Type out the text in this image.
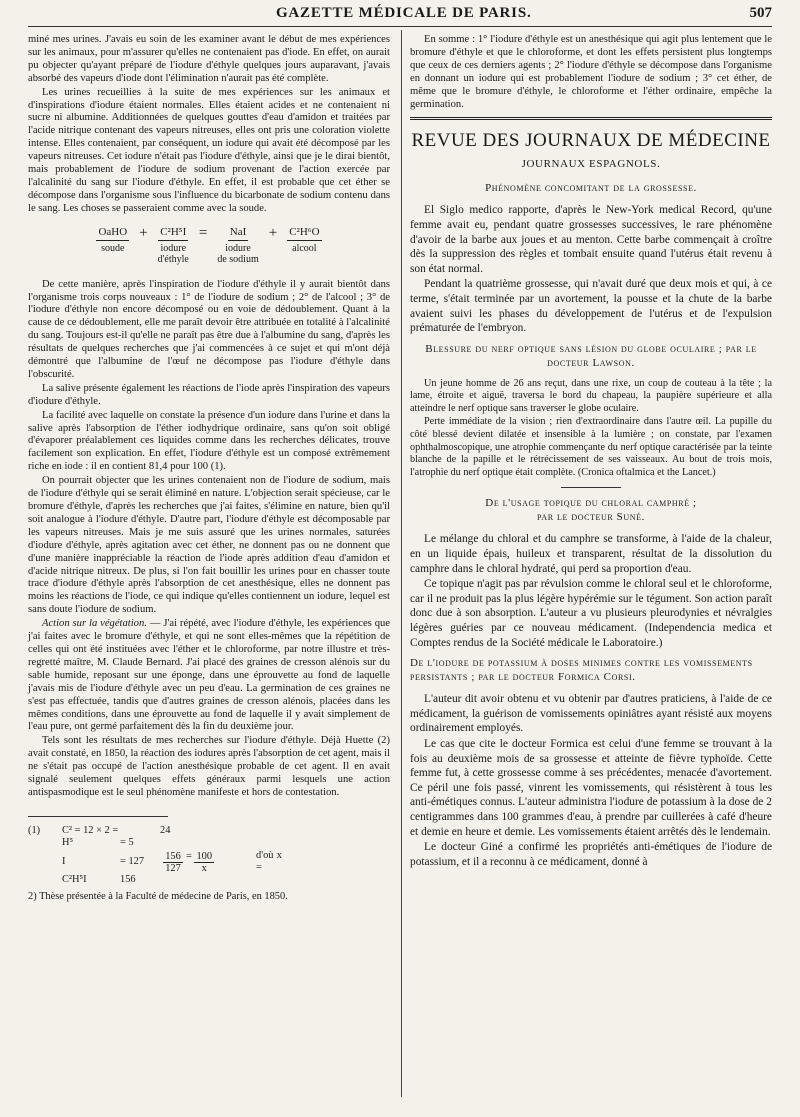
GAZETTE MÉDICALE DE PARIS.	507

miné mes urines. J'avais eu soin de les examiner avant le début de mes expériences sur les animaux, pour m'assurer qu'elles ne contenaient pas d'iode. En effet, on aurait pu objecter qu'ayant préparé de l'iodure d'éthyle quelques jours auparavant, j'avais absorbé des vapeurs d'iode dont l'élimination n'aurait pas été complète.

Les urines recueillies à la suite de mes expériences sur les animaux et d'inspirations d'iodure étaient normales. Elles étaient acides et ne contenaient ni sucre ni albumine. Additionnées de quelques gouttes d'eau d'amidon et traitées par l'acide nitrique contenant des vapeurs nitreuses, elles ont pris une coloration violette intense. Elles contenaient, par conséquent, un iodure qui avait été décomposé par les vapeurs nitreuses. Cet iodure n'était pas l'iodure d'éthyle, ainsi que je le dirai bientôt, mais probablement de l'iodure de sodium provenant de l'action exercée par l'alcalinité du sang sur l'iodure d'éthyle. En effet, il est probable que cet éther se décompose dans l'organisme sous l'influence du bicarbonate de sodium contenu dans le sang. Les choses se passeraient comme avec la soude.

OaHO
soude
+ C²H⁵I
iodure
d'éthyle
= NaI
iodure
de sodium
+ C²H⁶O
alcool

De cette manière, après l'inspiration de l'iodure d'éthyle il y aurait bientôt dans l'organisme trois corps nouveaux : 1° de l'iodure de sodium ; 2° de l'alcool ; 3° de l'iodure d'éthyle non encore décomposé ou en voie de dédoublement. Quant à la cause de ce dédoublement, elle me paraît devoir être attribuée en totalité à l'alcalinité du sang. Toujours est-il qu'elle ne paraît pas être due à l'albumine du sang, d'après les résultats de quelques recherches que j'ai commencées à ce sujet et qui m'ont déjà démontré que l'albumine de l'œuf ne décompose pas l'iodure d'éthyle dans l'obscurité.

La salive présente également les réactions de l'iode après l'inspiration des vapeurs d'iodure d'éthyle.

La facilité avec laquelle on constate la présence d'un iodure dans l'urine et dans la salive après l'absorption de l'éther iodhydrique ordinaire, sans qu'on soit obligé d'évaporer préalablement ces liquides comme dans les recherches délicates, trouve facilement son explication. En effet, l'iodure d'éthyle est un composé extrêmement riche en iode : il en contient 81,4 pour 100 (1).

On pourrait objecter que les urines contenaient non de l'iodure de sodium, mais de l'iodure d'éthyle qui se serait éliminé en nature. L'objection serait spécieuse, car le bromure d'éthyle, d'après les recherches que j'ai faites, s'élimine en nature, bien qu'il soit analogue à l'iodure d'éthyle. D'autre part, l'iodure d'éthyle est décomposable par les vapeurs nitreuses. Mais je me suis assuré que les urines normales, saturées d'iodure d'éthyle, après agitation avec cet éther, ne donnent pas ou ne donnent que d'une manière inappréciable la réaction de l'iode après addition d'eau d'amidon et d'acide nitrique nitreux. De plus, si l'on fait bouillir les urines pour en chasser toute trace d'iodure d'éthyle après l'absorption de cet anesthésique, elles ne donnent pas moins les réactions de l'iode, ce qui indique qu'elles contiennent un iodure, lequel est sans doute l'iodure de sodium.

Action sur la végétation. — J'ai répété, avec l'iodure d'éthyle, les expériences que j'ai faites avec le bromure d'éthyle, et qui ne sont elles-mêmes que la répétition de celles qui ont été instituées avec l'éther et le chloroforme, par notre illustre et très-regretté maître, M. Claude Bernard. J'ai placé des graines de cresson alénois sur du sable humide, reposant sur une éponge, dans une éprouvette au fond de laquelle j'avais mis de l'iodure d'éthyle avec un peu d'eau. La germination de ces graines ne s'est pas effectuée, tandis que d'autres graines de cresson alénois, placées dans les mêmes conditions, dans une éprouvette au fond de laquelle il y avait simplement de l'eau pure, ont germé parfaitement dès la fin du deuxième jour.

Tels sont les résultats de mes recherches sur l'iodure d'éthyle. Déjà Huette (2) avait constaté, en 1850, la réaction des iodures après l'absorption de cet agent, mais il ne s'était pas occupé de l'action anesthésique probable de cet agent. Il en avait signalé seulement quelques effets généraux parmi lesquels une action antispasmodique est le seul phénomène manifeste et hors de contestation.

(1)	C² = 12 × 2 =	24
H⁵	= 5
I	= 127	$\frac{156}{127} = \frac{100}{x}$	d'où x =
C²H⁵I	156
2) Thèse présentée à la Faculté de médecine de Paris, en 1850.

En somme : 1° l'iodure d'éthyle est un anesthésique qui agit plus lentement que le bromure d'éthyle et que le chloroforme, et dont les effets persistent plus longtemps que ceux de ces derniers agents ; 2° l'iodure d'éthyle se décompose dans l'organisme en donnant un iodure qui est probablement l'iodure de sodium ; 3° cet éther, de même que le bromure d'éthyle, le chloroforme et l'éther ordinaire, empêche la germination.

REVUE DES JOURNAUX DE MÉDECINE
JOURNAUX ESPAGNOLS.
Phénomène concomitant de la grossesse.

El Siglo medico rapporte, d'après le New-York medical Record, qu'une femme avait eu, pendant quatre grossesses successives, le rare phénomène d'avoir de la barbe aux joues et au menton. Cette barbe commençait à croître dès la suppression des règles et tombait ensuite quand l'utérus était revenu à son état normal.

Pendant la quatrième grossesse, qui n'avait duré que deux mois et qui, à ce terme, s'était terminée par un avortement, la pousse et la chute de la barbe avaient suivi les phases du développement de l'utérus et de l'expulsion prématurée de l'embryon.

Blessure du nerf optique sans lésion du globe oculaire ; par le docteur Lawson.

Un jeune homme de 26 ans reçut, dans une rixe, un coup de couteau à la tête ; la lame, étroite et aiguë, traversa le bord du chapeau, la paupière supérieure et alla atteindre le nerf optique sans traverser le globe oculaire.

Perte immédiate de la vision ; rien d'extraordinaire dans l'autre œil. La pupille du côté blessé devient dilatée et insensible à la lumière ; on constate, par l'examen ophthalmoscopique, une atrophie commençante du nerf optique caractérisée par la teinte blanche de la papille et le rétrécissement de ses vaisseaux. Au bout de trois mois, l'atrophie du nerf optique était complète. (Cronica oftalmica et the Lancet.)

De l'usage topique du chloral camphré ;
par le docteur Suné.

Le mélange du chloral et du camphre se transforme, à l'aide de la chaleur, en un liquide épais, huileux et transparent, résultat de la dissolution du camphre dans le chloral hydraté, qui perd sa proportion d'eau.

Ce topique n'agit pas par révulsion comme le chloral seul et le chloroforme, car il ne produit pas la plus légère hypérémie sur le tégument. Son action paraît donc due à son absorption. L'auteur a vu plusieurs pleurodynies et névralgies légères guéries par ce nouveau médicament. (Independencia medica et Comptes rendus de la Société médicale le Laboratoire.)

De l'iodure de potassium à doses minimes contre les vomissements persistants ; par le docteur Formica Corsi.

L'auteur dit avoir obtenu et vu obtenir par d'autres praticiens, à l'aide de ce médicament, la guérison de vomissements opiniâtres ayant résisté aux moyens ordinairement employés.

Le cas que cite le docteur Formica est celui d'une femme se trouvant à la fois au deuxième mois de sa grossesse et atteinte de fièvre typhoïde. Cette femme fut, à cette grossesse comme à ses précédentes, menacée d'avortement. Ce péril une fois passé, vinrent les vomissements, qui résistèrent à tous les anti-émétiques connus. L'auteur administra l'iodure de potassium à la dose de 2 centigrammes dans 100 grammes d'eau, à prendre par cuillerées à café d'heure et demie en heure et demie. Les vomissements étaient arrêtés dès le lendemain.

Le docteur Giné a confirmé les propriétés anti-émétiques de l'iodure de potassium, et il a reconnu à ce médicament, donné à
